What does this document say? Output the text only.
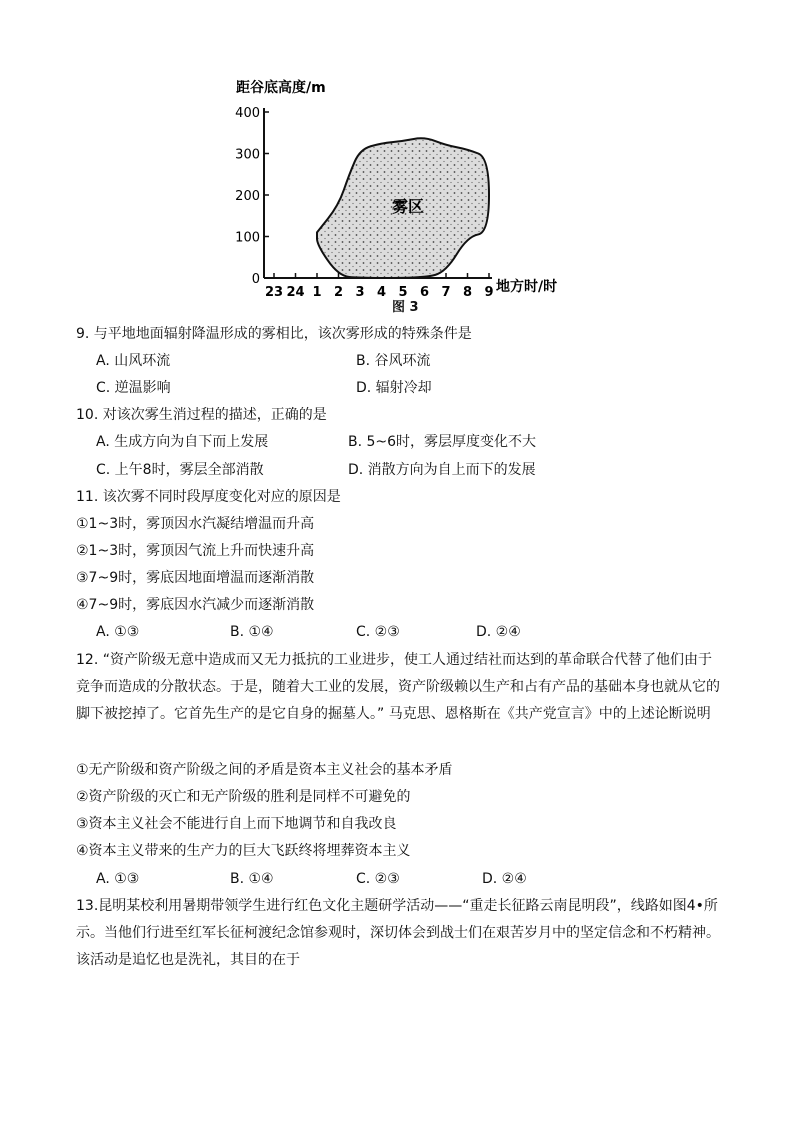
距谷底高度/m
400
300
200
100
0
23 24 1 2 3 4 5 6 7 8 9
雾区
地方时/时
图 3
9. 与平地地面辐射降温形成的雾相比，该次雾形成的特殊条件是
A. 山风环流	B. 谷风环流
C. 逆温影响	D. 辐射冷却
10. 对该次雾生消过程的描述，正确的是
A. 生成方向为自下而上发展	B. 5~6时，雾层厚度变化不大
C. 上午8时，雾层全部消散	D. 消散方向为自上而下的发展
11. 该次雾不同时段厚度变化对应的原因是
①1~3时，雾顶因水汽凝结增温而升高
②1~3时，雾顶因气流上升而快速升高
③7~9时，雾底因地面增温而逐渐消散
④7~9时，雾底因水汽减少而逐渐消散
A. ①③	B. ①④	C. ②③	D. ②④
12. “资产阶级无意中造成而又无力抵抗的工业进步，使工人通过结社而达到的革命联合代替了他们由于竞争而造成的分散状态。于是，随着大工业的发展，资产阶级赖以生产和占有产品的基础本身也就从它的脚下被挖掉了。它首先生产的是它自身的掘墓人。” 马克思、恩格斯在《共产党宣言》中的上述论断说明
①无产阶级和资产阶级之间的矛盾是资本主义社会的基本矛盾
②资产阶级的灭亡和无产阶级的胜利是同样不可避免的
③资本主义社会不能进行自上而下地调节和自我改良
④资本主义带来的生产力的巨大飞跃终将埋葬资本主义
A. ①③	B. ①④	C. ②③	D. ②④
13.昆明某校利用暑期带领学生进行红色文化主题研学活动——“重走长征路云南昆明段”，线路如图4•所示。当他们行进至红军长征柯渡纪念馆参观时，深切体会到战士们在艰苦岁月中的坚定信念和不朽精神。该活动是追忆也是洗礼，其目的在于
